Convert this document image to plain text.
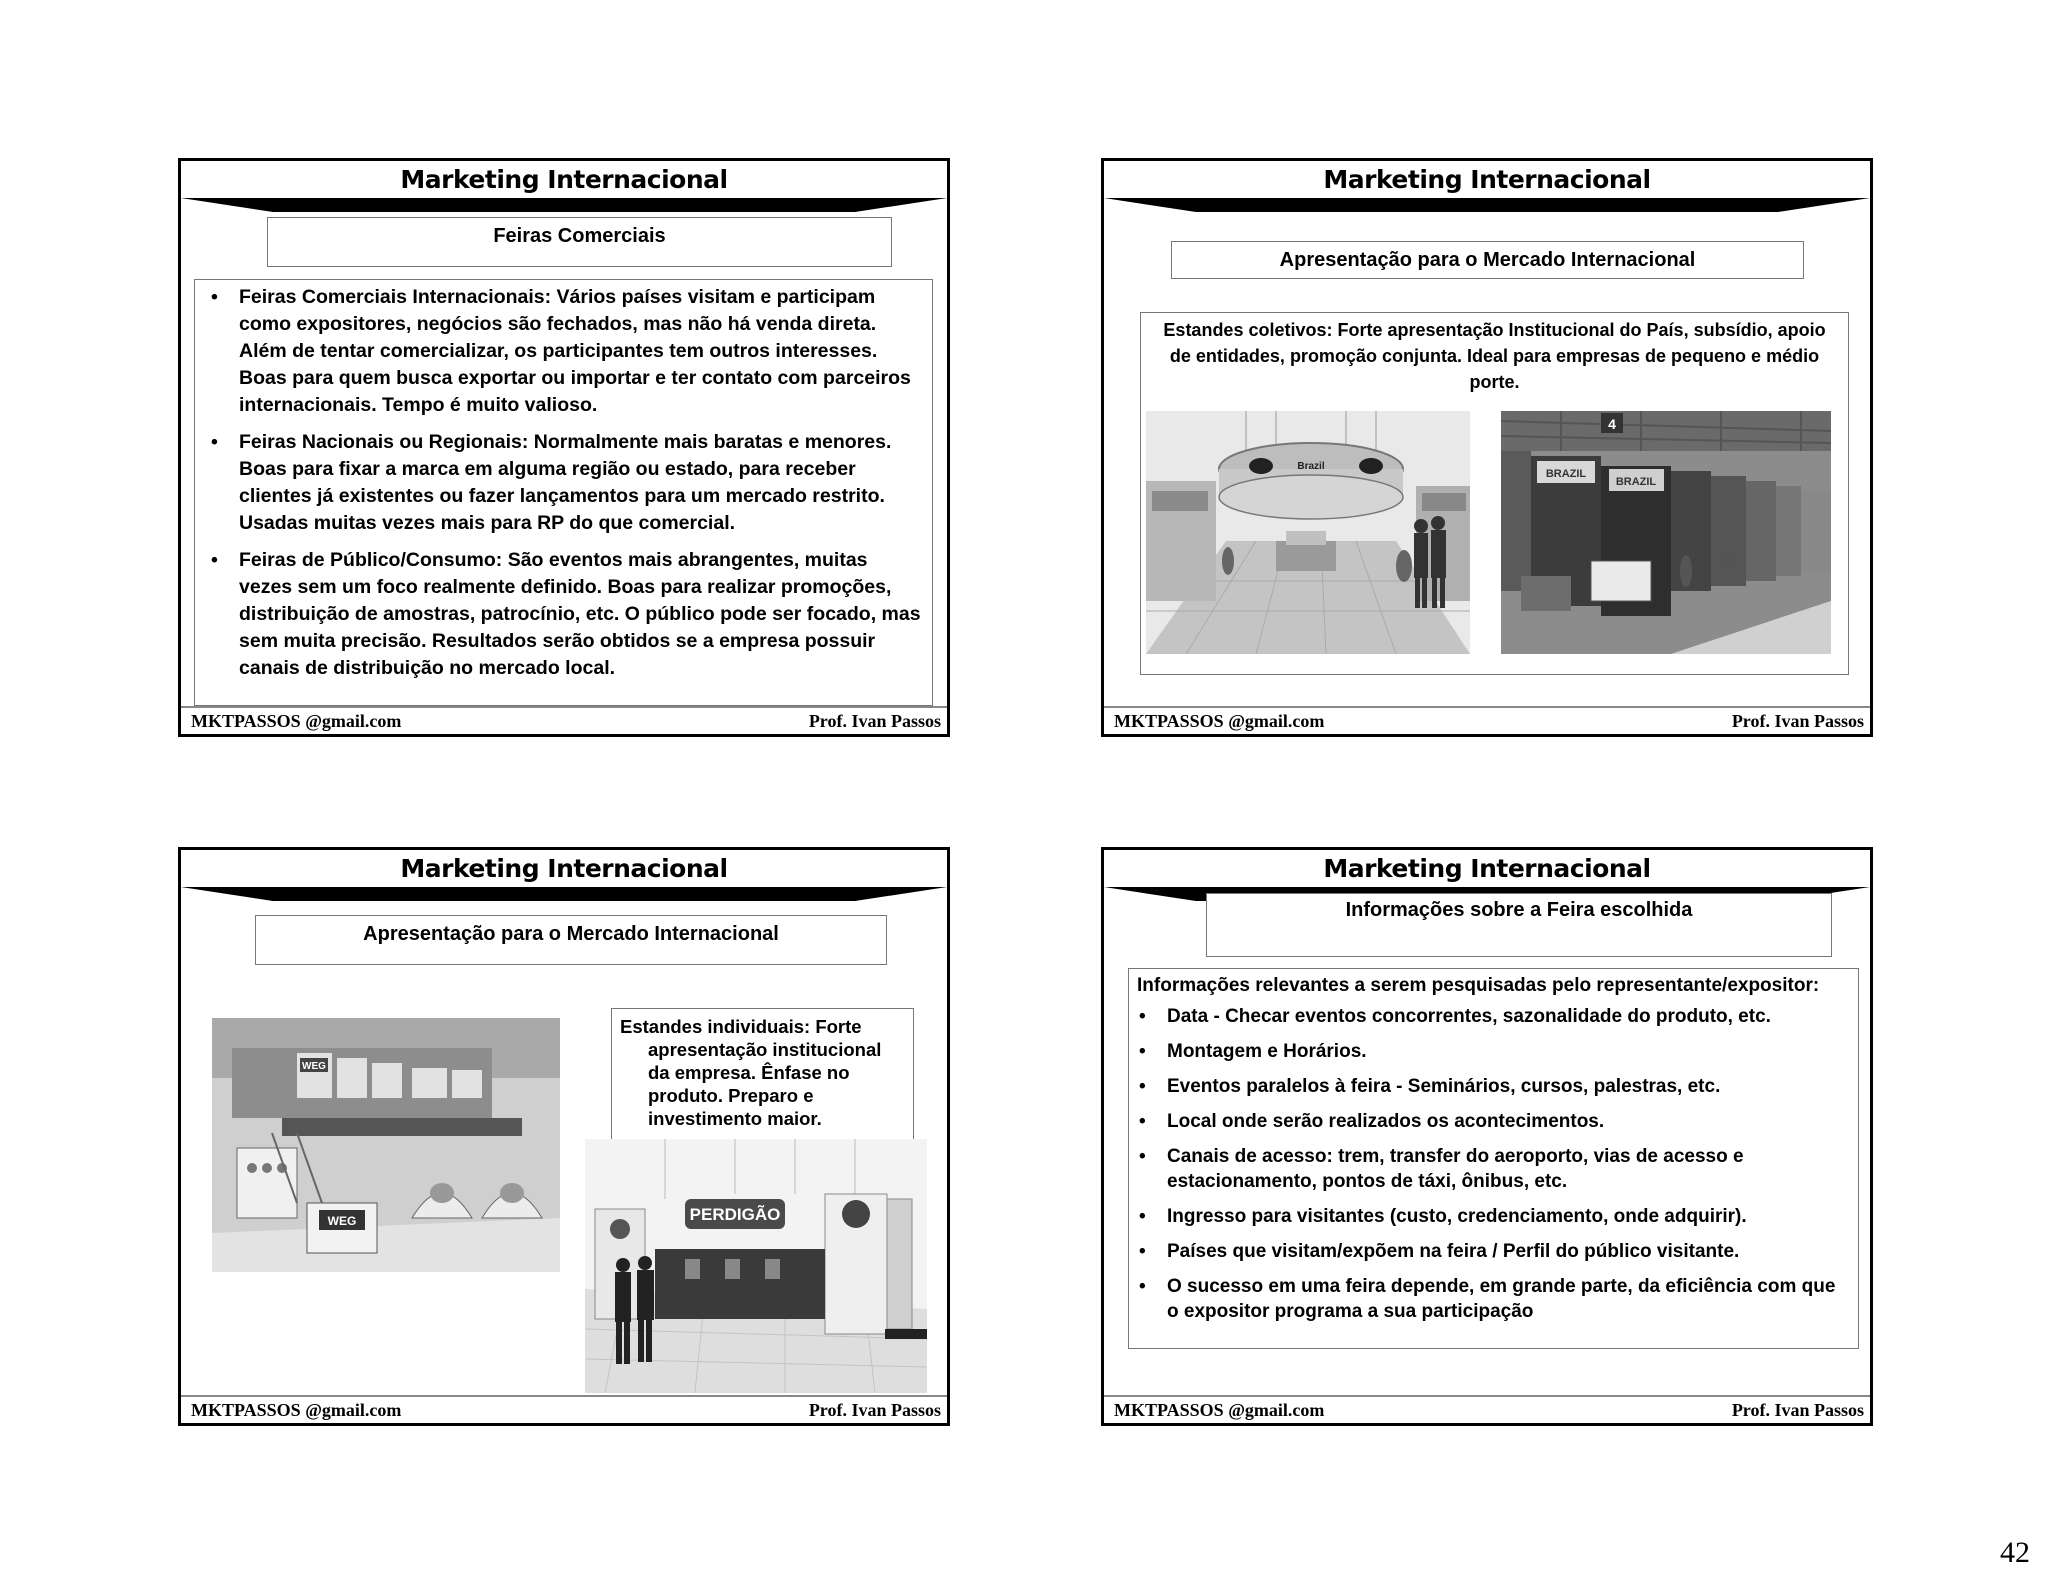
Marketing Internacional
Feiras Comerciais
• Feiras Comerciais Internacionais: Vários países visitam e participam como expositores, negócios são fechados, mas não há venda direta. Além de tentar comercializar, os participantes tem outros interesses. Boas para quem busca exportar ou importar e ter contato com parceiros internacionais. Tempo é muito valioso.
• Feiras Nacionais ou Regionais: Normalmente mais baratas e menores. Boas para fixar a marca em alguma região ou estado, para receber clientes já existentes ou fazer lançamentos para um mercado restrito. Usadas muitas vezes mais para RP do que comercial.
• Feiras de Público/Consumo: São eventos mais abrangentes, muitas vezes sem um foco realmente definido. Boas para realizar promoções, distribuição de amostras, patrocínio, etc. O público pode ser focado, mas sem muita precisão. Resultados serão obtidos se a empresa possuir canais de distribuição no mercado local.
MKTPASSOS @gmail.com	Prof. Ivan Passos
Marketing Internacional
Apresentação para o Mercado Internacional
Estandes coletivos: Forte apresentação Institucional do País, subsídio, apoio de entidades, promoção conjunta. Ideal para empresas de pequeno e médio porte.
Brazil
4
BRAZIL
BRAZIL
MKTPASSOS @gmail.com	Prof. Ivan Passos
Marketing Internacional
Apresentação para o Mercado Internacional
WEG
WEG
Estandes individuais: Forte apresentação institucional da empresa. Ênfase no produto. Preparo e investimento maior.
PERDIGÃO
MKTPASSOS @gmail.com	Prof. Ivan Passos
Marketing Internacional
Informações sobre a Feira escolhida
Informações relevantes a serem pesquisadas pelo representante/expositor:
• Data - Checar eventos concorrentes, sazonalidade do produto, etc.
• Montagem e Horários.
• Eventos paralelos à feira - Seminários, cursos, palestras, etc.
• Local onde serão realizados os acontecimentos.
• Canais de acesso: trem, transfer do aeroporto, vias de acesso e estacionamento, pontos de táxi, ônibus, etc.
• Ingresso para visitantes (custo, credenciamento, onde adquirir).
• Países que visitam/expõem na feira / Perfil do público visitante.
• O sucesso em uma feira depende, em grande parte, da eficiência com que o expositor programa a sua participação
MKTPASSOS @gmail.com	Prof. Ivan Passos
42
